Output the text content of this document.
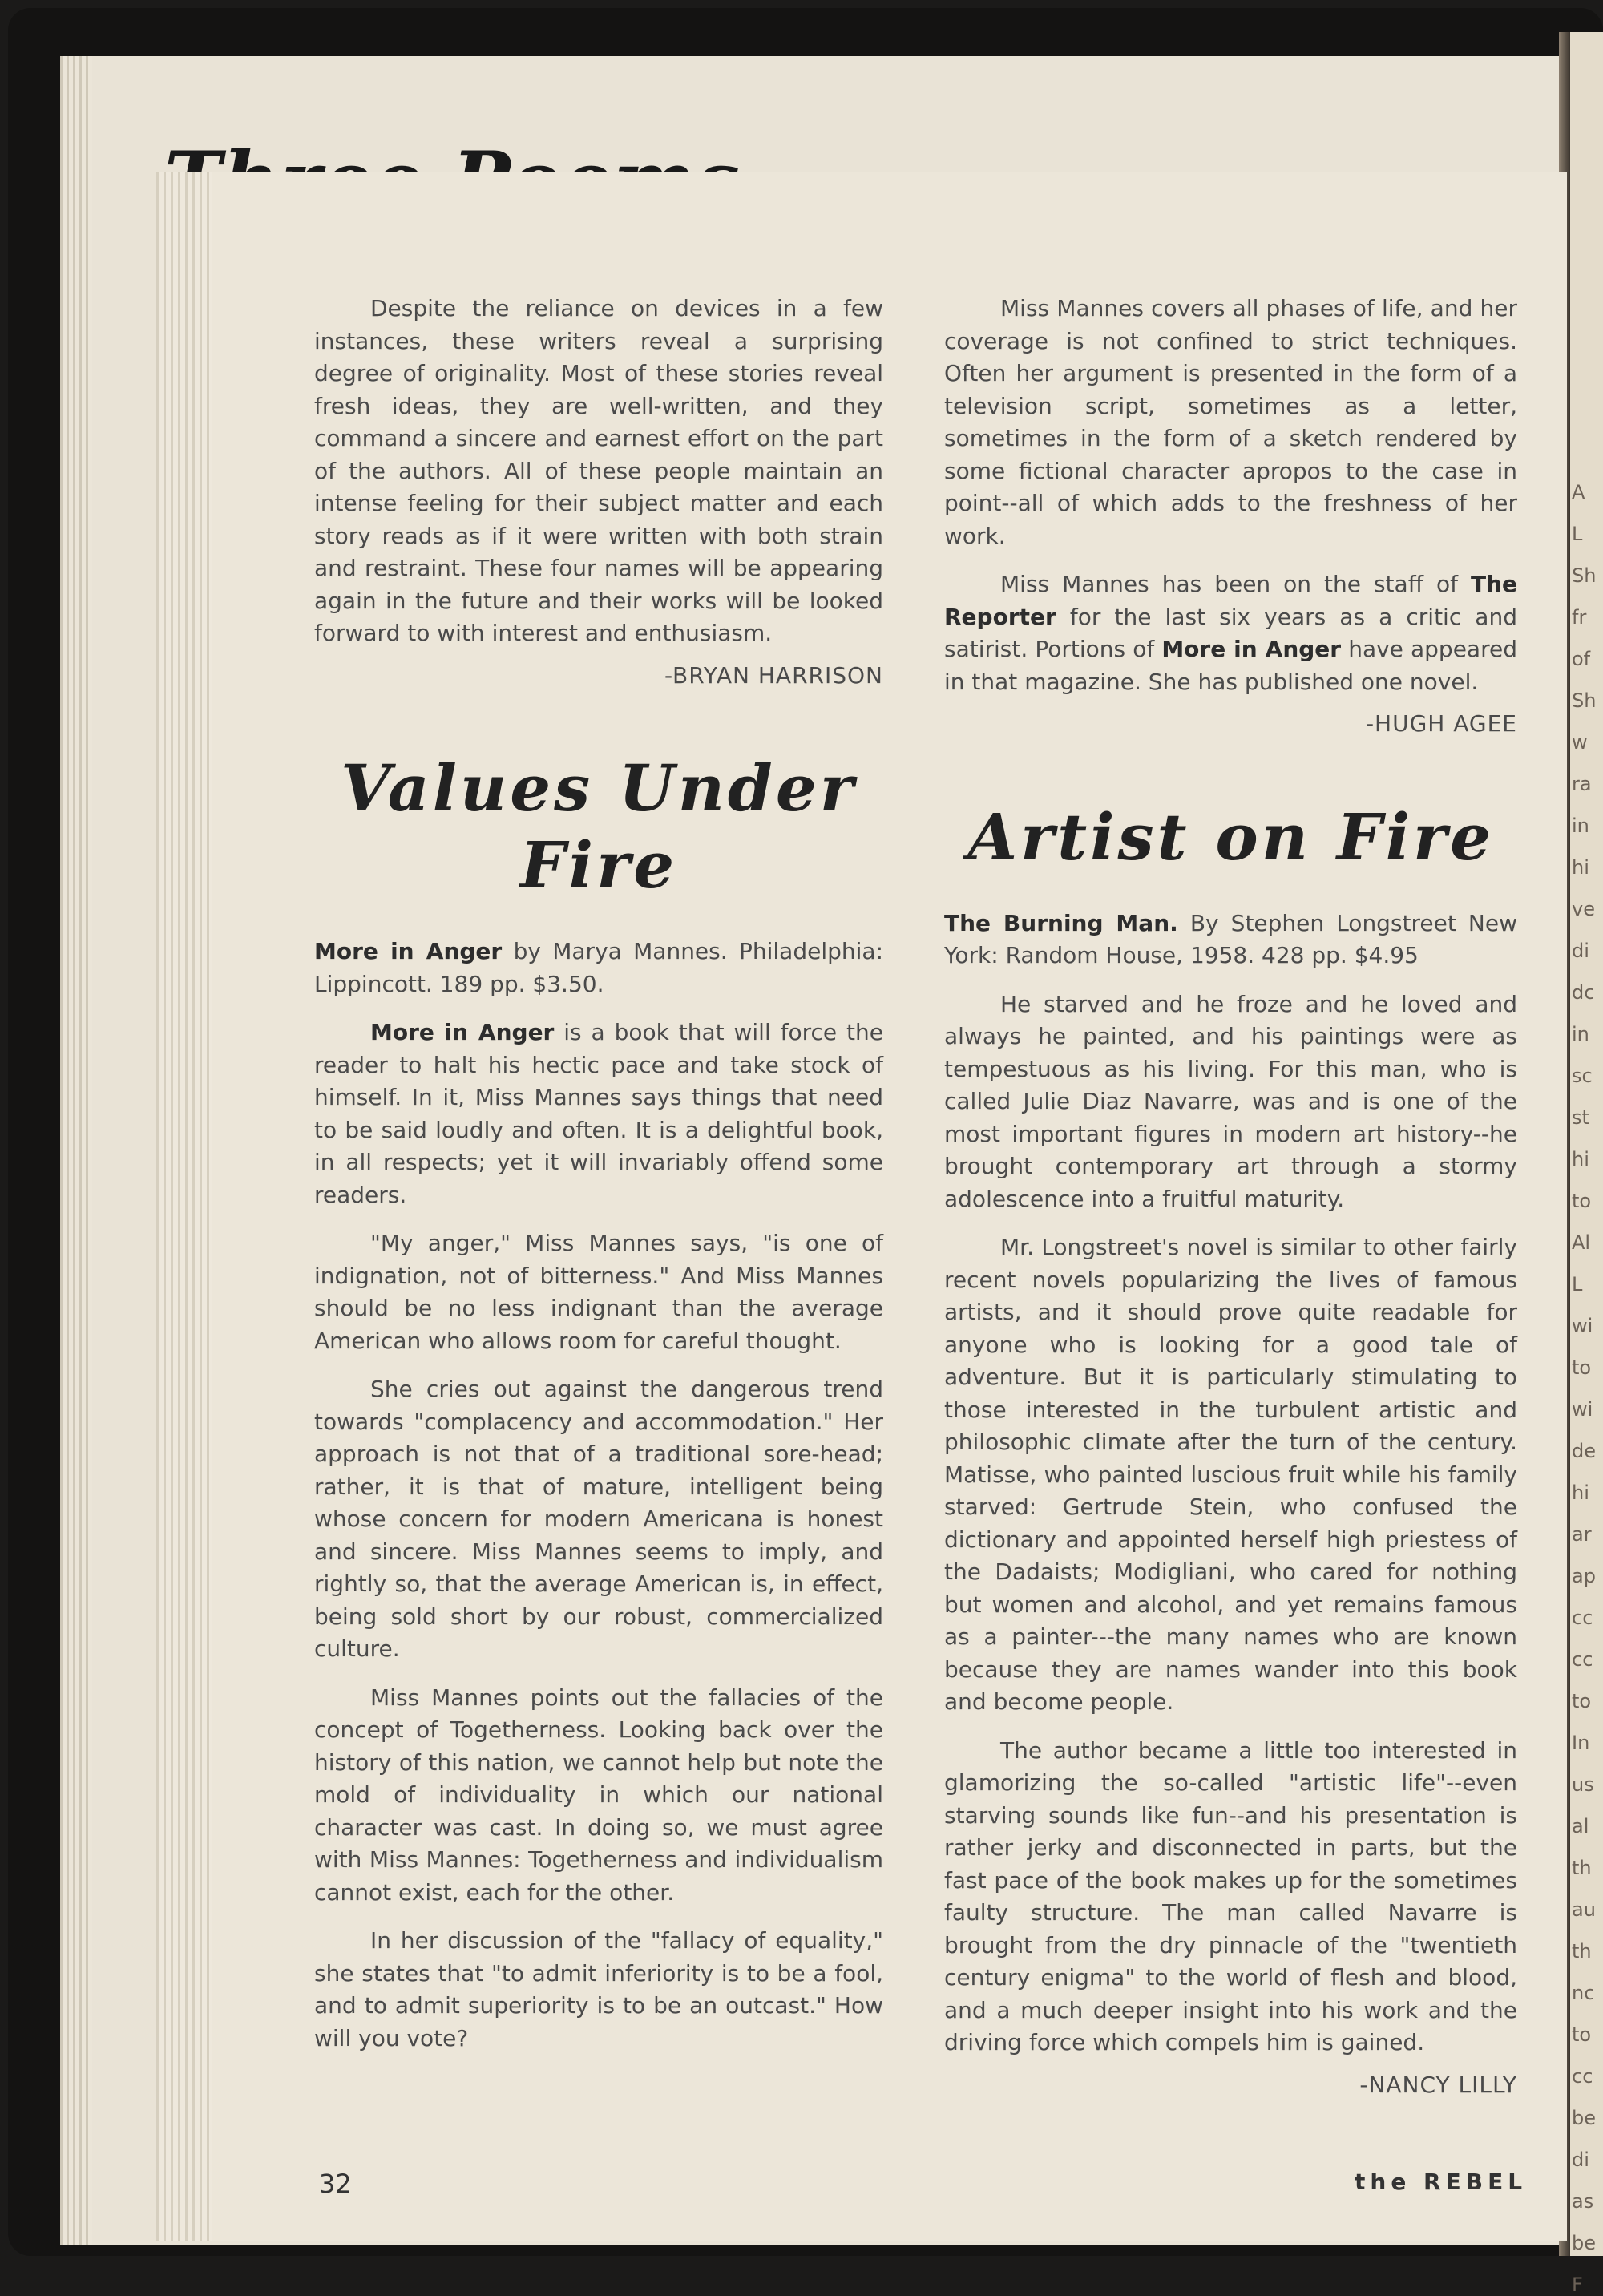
A
L
Sh
fr
of
Sh
w
ra
in
hi
ve
di
dc
in
sc
st
hi
to
Al
L
wi
to
wi
de
hi
ar
ap
cc
cc
to
In
us
al
th
au
th
nc
to
cc
be
di
as
be
F

Despite the reliance on devices in a few instances, these writers reveal a surprising degree of originality. Most of these stories reveal fresh ideas, they are well-written, and they command a sincere and earnest effort on the part of the authors. All of these people maintain an intense feeling for their subject matter and each story reads as if it were written with both strain and restraint. These four names will be appearing again in the future and their works will be looked forward to with interest and enthusiasm.

-BRYAN HARRISON
Values Under Fire

More in Anger by Marya Mannes. Philadelphia: Lippincott. 189 pp. $3.50.

More in Anger is a book that will force the reader to halt his hectic pace and take stock of himself. In it, Miss Mannes says things that need to be said loudly and often. It is a delightful book, in all respects; yet it will invariably offend some readers.

"My anger," Miss Mannes says, "is one of indignation, not of bitterness." And Miss Mannes should be no less indignant than the average American who allows room for careful thought.

She cries out against the dangerous trend towards "complacency and accommodation." Her approach is not that of a traditional sore-head; rather, it is that of mature, intelligent being whose concern for modern Americana is honest and sincere. Miss Mannes seems to imply, and rightly so, that the average American is, in effect, being sold short by our robust, commercialized culture.

Miss Mannes points out the fallacies of the concept of Togetherness. Looking back over the history of this nation, we cannot help but note the mold of individuality in which our national character was cast. In doing so, we must agree with Miss Mannes: Togetherness and individualism cannot exist, each for the other.

In her discussion of the "fallacy of equality," she states that "to admit inferiority is to be a fool, and to admit superiority is to be an outcast." How will you vote?

Miss Mannes covers all phases of life, and her coverage is not confined to strict techniques. Often her argument is presented in the form of a television script, sometimes as a letter, sometimes in the form of a sketch rendered by some fictional character apropos to the case in point--all of which adds to the freshness of her work.

Miss Mannes has been on the staff of The Reporter for the last six years as a critic and satirist. Portions of More in Anger have appeared in that magazine. She has published one novel.

-HUGH AGEE
Artist on Fire

The Burning Man. By Stephen Longstreet New York: Random House, 1958. 428 pp. $4.95

He starved and he froze and he loved and always he painted, and his paintings were as tempestuous as his living. For this man, who is called Julie Diaz Navarre, was and is one of the most important figures in modern art history--he brought contemporary art through a stormy adolescence into a fruitful maturity.

Mr. Longstreet's novel is similar to other fairly recent novels popularizing the lives of famous artists, and it should prove quite readable for anyone who is looking for a good tale of adventure. But it is particularly stimulating to those interested in the turbulent artistic and philosophic climate after the turn of the century. Matisse, who painted luscious fruit while his family starved: Gertrude Stein, who confused the dictionary and appointed herself high priestess of the Dadaists; Modigliani, who cared for nothing but women and alcohol, and yet remains famous as a painter---the many names who are known because they are names wander into this book and become people.

The author became a little too interested in glamorizing the so-called "artistic life"--even starving sounds like fun--and his presentation is rather jerky and disconnected in parts, but the fast pace of the book makes up for the sometimes faulty structure. The man called Navarre is brought from the dry pinnacle of the "twentieth century enigma" to the world of flesh and blood, and a much deeper insight into his work and the driving force which compels him is gained.

-NANCY LILLY
32	the REBEL
